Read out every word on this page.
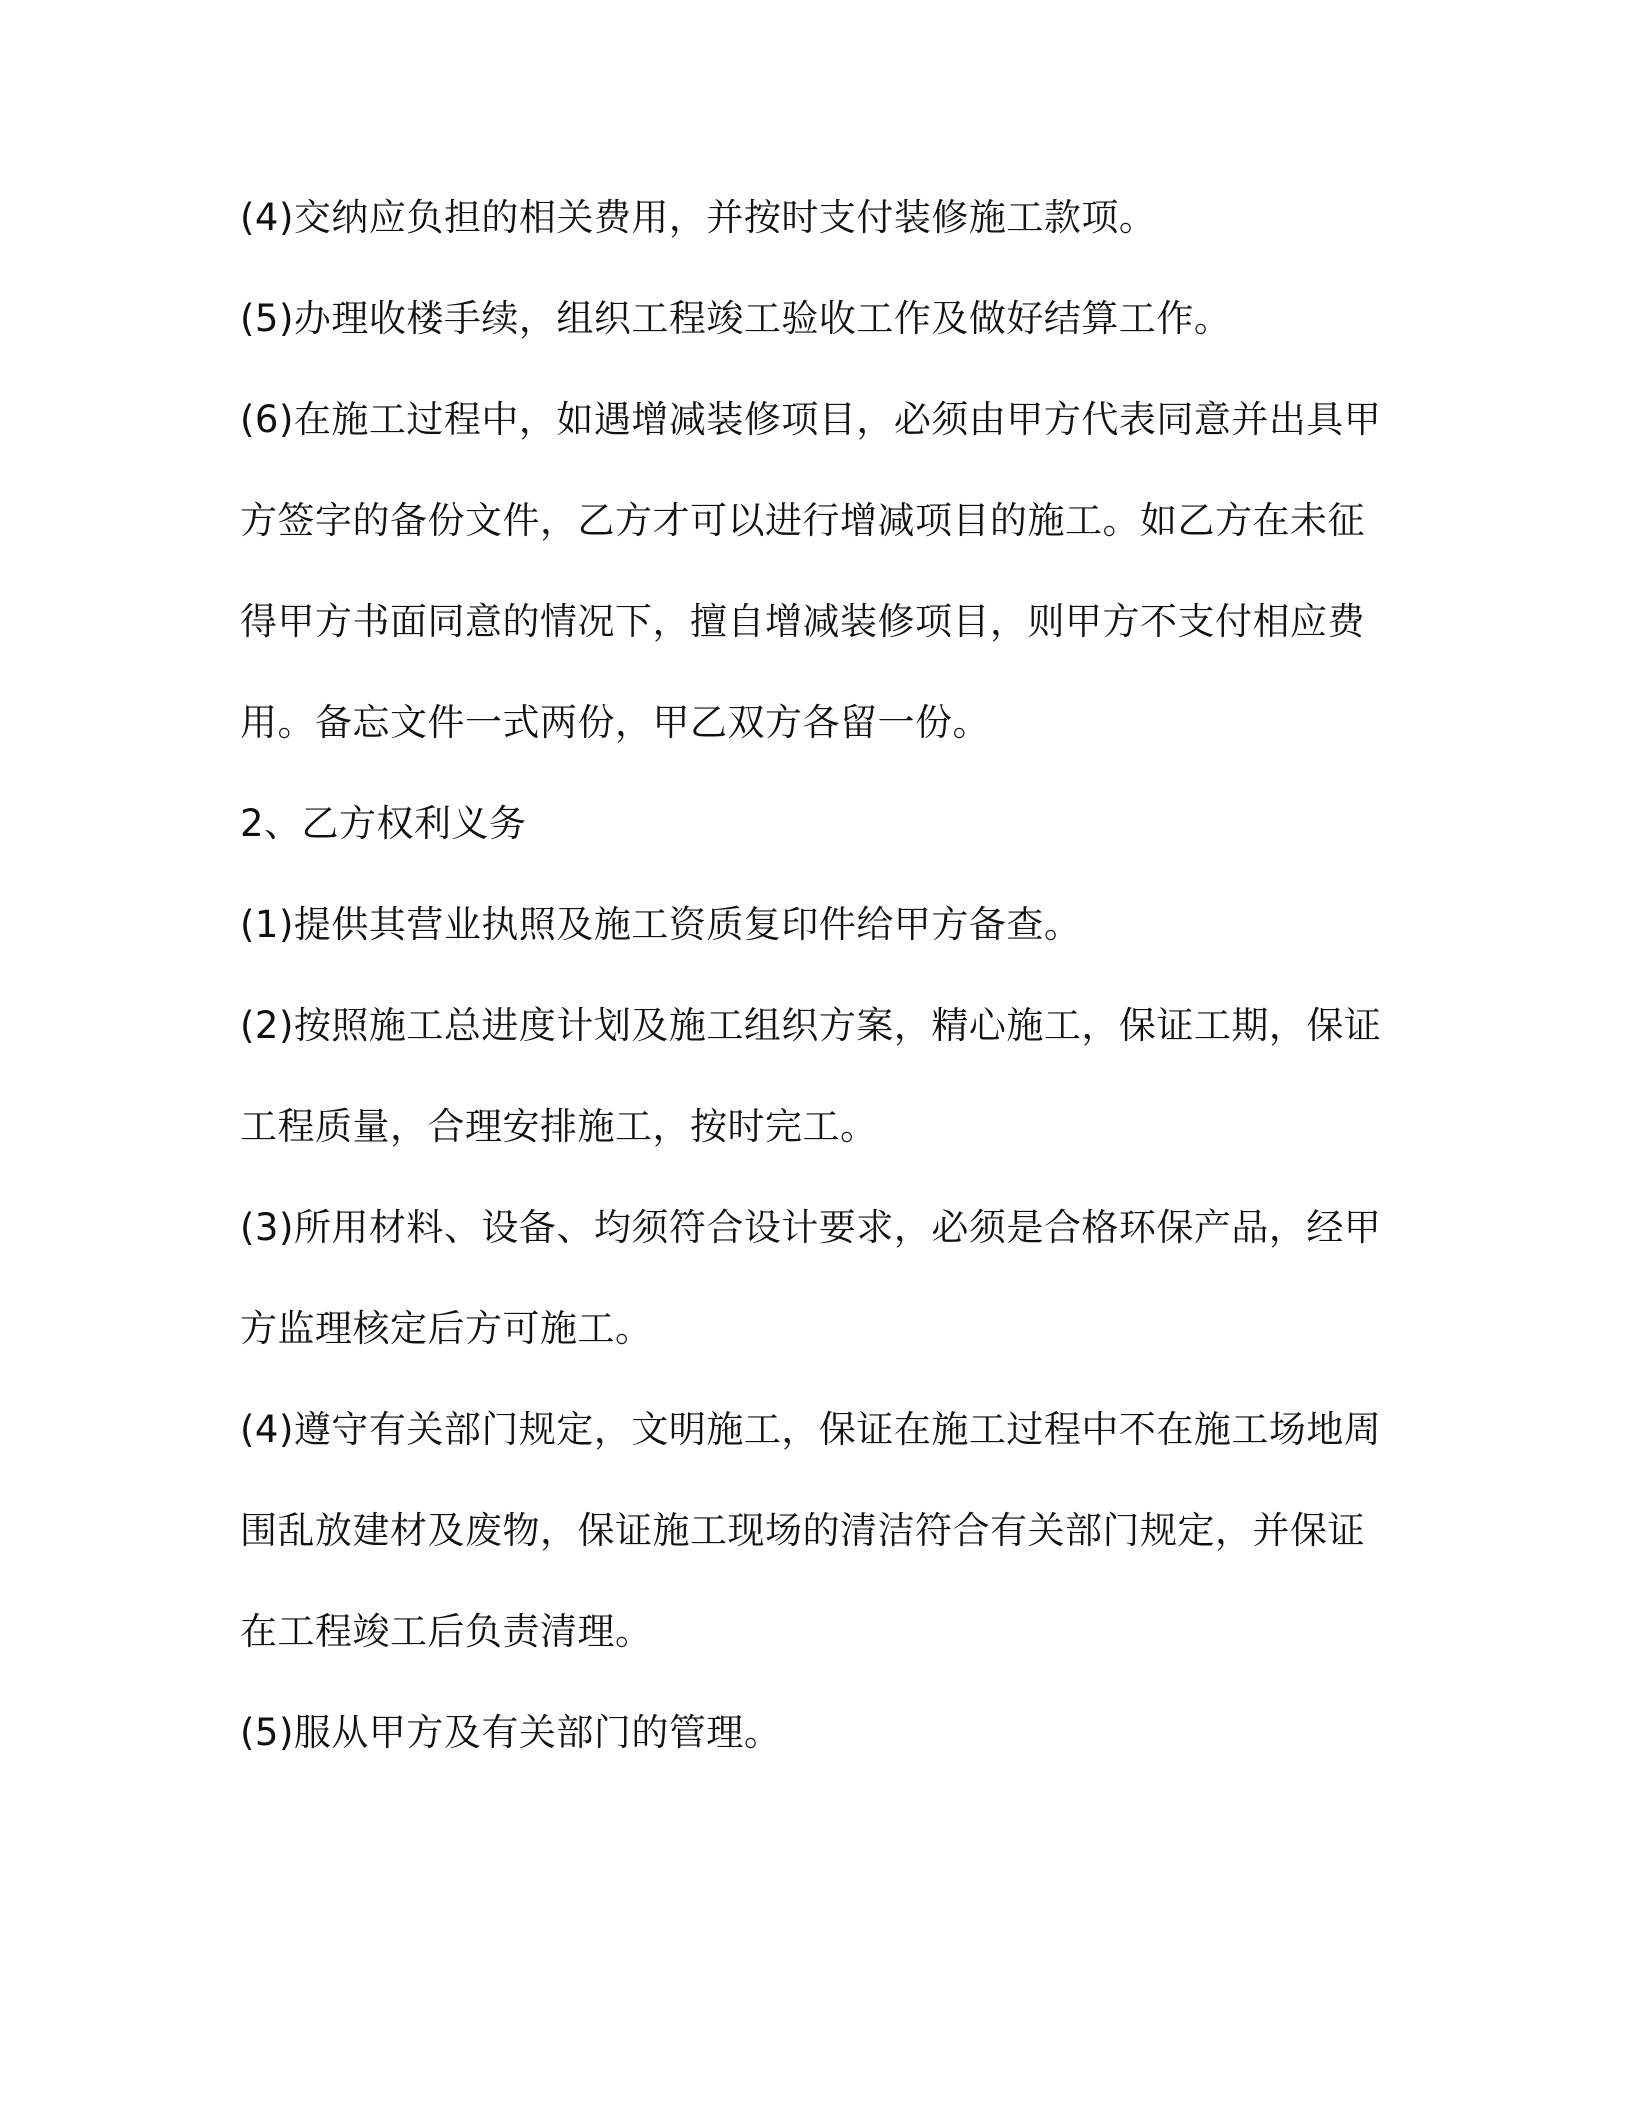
(4)交纳应负担的相关费用，并按时支付装修施工款项。
(5)办理收楼手续，组织工程竣工验收工作及做好结算工作。
(6)在施工过程中，如遇增减装修项目，必须由甲方代表同意并出具甲
方签字的备份文件，乙方才可以进行增减项目的施工。如乙方在未征
得甲方书面同意的情况下，擅自增减装修项目，则甲方不支付相应费
用。备忘文件一式两份，甲乙双方各留一份。
2、乙方权利义务
(1)提供其营业执照及施工资质复印件给甲方备查。
(2)按照施工总进度计划及施工组织方案，精心施工，保证工期，保证
工程质量，合理安排施工，按时完工。
(3)所用材料、设备、均须符合设计要求，必须是合格环保产品，经甲
方监理核定后方可施工。
(4)遵守有关部门规定，文明施工，保证在施工过程中不在施工场地周
围乱放建材及废物，保证施工现场的清洁符合有关部门规定，并保证
在工程竣工后负责清理。
(5)服从甲方及有关部门的管理。
